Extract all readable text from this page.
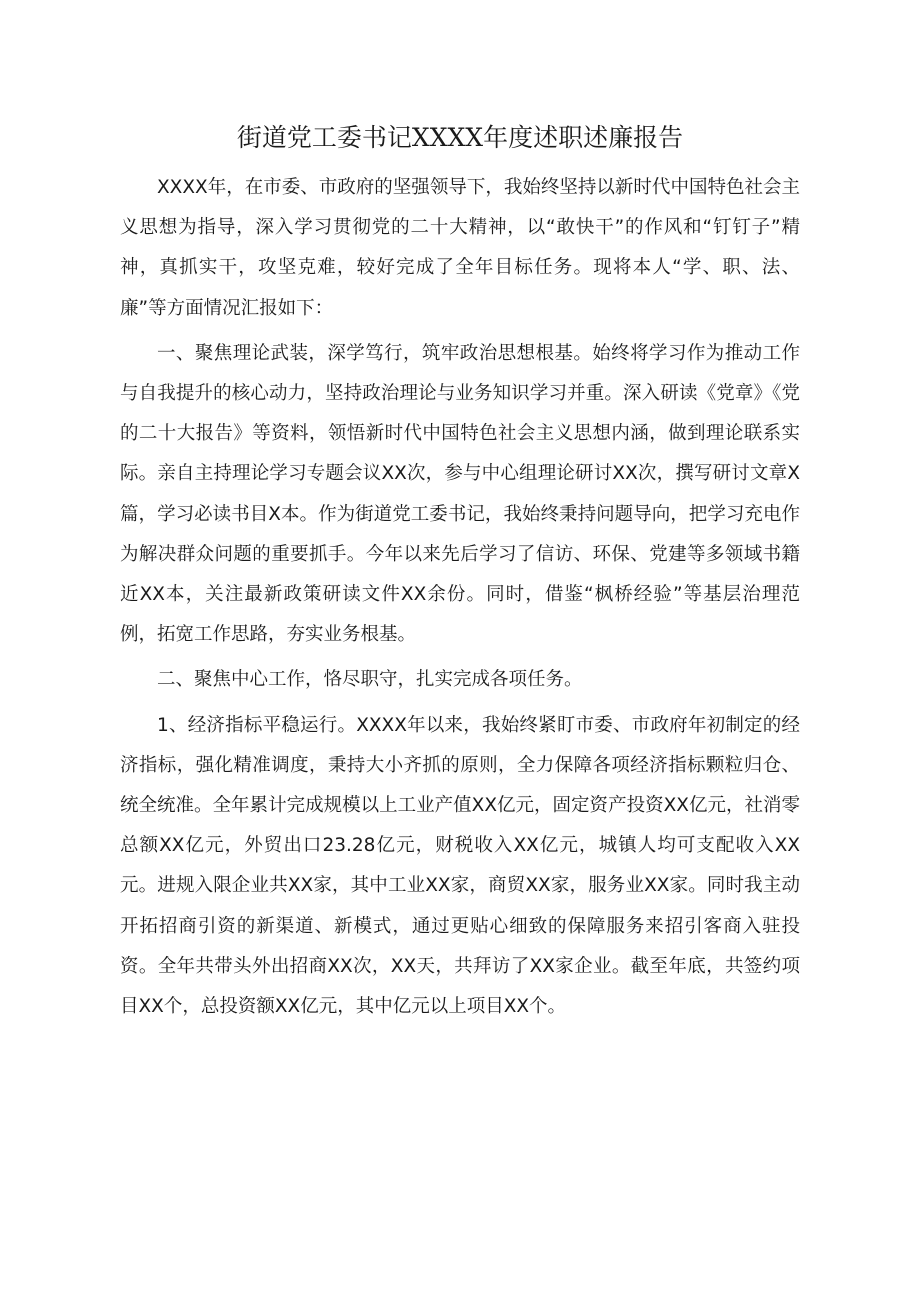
街道党工委书记XXXX年度述职述廉报告

XXXX年，在市委、市政府的坚强领导下，我始终坚持以新时代中国特色社会主义思想为指导，深入学习贯彻党的二十大精神，以“敢快干”的作风和“钉钉子”精神，真抓实干，攻坚克难，较好完成了全年目标任务。现将本人“学、职、法、廉”等方面情况汇报如下：

一、聚焦理论武装，深学笃行，筑牢政治思想根基。始终将学习作为推动工作与自我提升的核心动力，坚持政治理论与业务知识学习并重。深入研读《党章》《党的二十大报告》等资料，领悟新时代中国特色社会主义思想内涵，做到理论联系实际。亲自主持理论学习专题会议XX次，参与中心组理论研讨XX次，撰写研讨文章X篇，学习必读书目X本。作为街道党工委书记，我始终秉持问题导向，把学习充电作为解决群众问题的重要抓手。今年以来先后学习了信访、环保、党建等多领域书籍近XX本，关注最新政策研读文件XX余份。同时，借鉴“枫桥经验”等基层治理范例，拓宽工作思路，夯实业务根基。

二、聚焦中心工作，恪尽职守，扎实完成各项任务。

1、经济指标平稳运行。XXXX年以来，我始终紧盯市委、市政府年初制定的经济指标，强化精准调度，秉持大小齐抓的原则，全力保障各项经济指标颗粒归仓、统全统准。全年累计完成规模以上工业产值XX亿元，固定资产投资XX亿元，社消零总额XX亿元，外贸出口23.28亿元，财税收入XX亿元，城镇人均可支配收入XX元。进规入限企业共XX家，其中工业XX家，商贸XX家，服务业XX家。同时我主动开拓招商引资的新渠道、新模式，通过更贴心细致的保障服务来招引客商入驻投资。全年共带头外出招商XX次，XX天，共拜访了XX家企业。截至年底，共签约项目XX个，总投资额XX亿元，其中亿元以上项目XX个。
